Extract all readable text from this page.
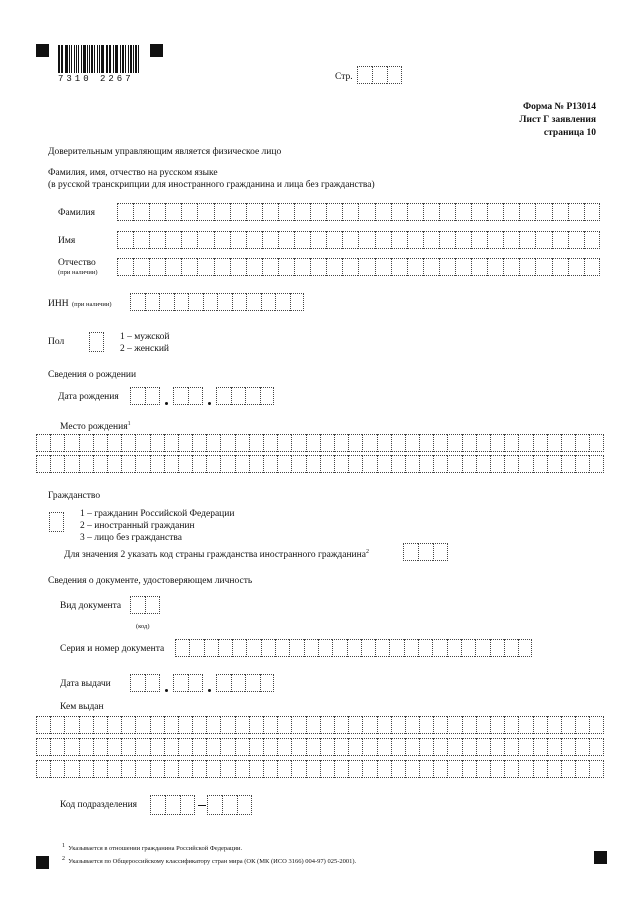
7310 2267	Стр.
Форма № Р13014
Лист Г заявления
страница 10
Доверительным управляющим является физическое лицо
Фамилия, имя, отчество на русском языке
(в русской транскрипции для иностранного гражданина и лица без гражданства)
Фамилия
Имя
Отчество
(при наличии)
ИНН (при наличии)
Пол	1 – мужской
2 – женский
Сведения о рождении
Дата рождения
Место рождения$^1$
Гражданство
1 – гражданин Российской Федерации
2 – иностранный гражданин
3 – лицо без гражданства
Для значения 2 указать код страны гражданства иностранного гражданина$^2$
Сведения о документе, удостоверяющем личность
Вид документа
(код)
Серия и номер документа
Дата выдачи
Кем выдан
Код подразделения
$^1$ Указывается в отношении гражданина Российской Федерации.
$^2$ Указывается по Общероссийскому классификатору стран мира (ОК (МК (ИСО 3166) 004-97) 025-2001).
